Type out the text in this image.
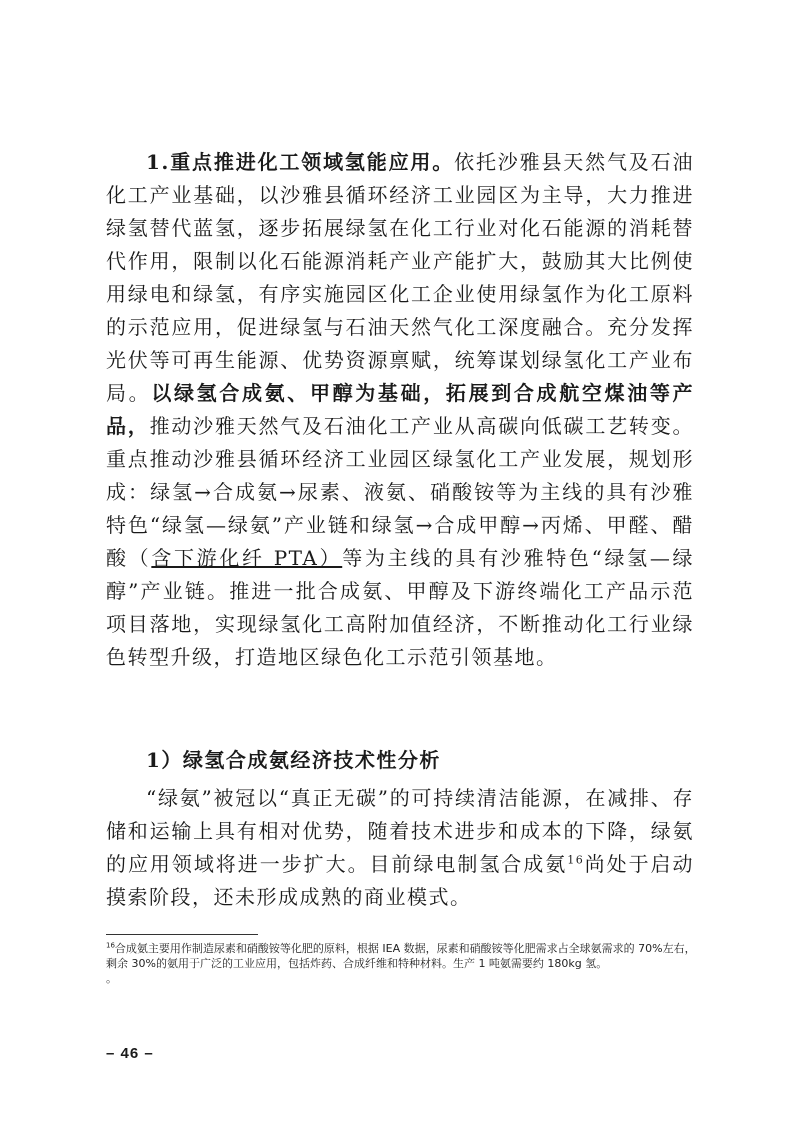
1.重点推进化工领域氢能应用。依托沙雅县天然气及石油化工产业基础，以沙雅县循环经济工业园区为主导，大力推进绿氢替代蓝氢，逐步拓展绿氢在化工行业对化石能源的消耗替代作用，限制以化石能源消耗产业产能扩大，鼓励其大比例使用绿电和绿氢，有序实施园区化工企业使用绿氢作为化工原料的示范应用，促进绿氢与石油天然气化工深度融合。充分发挥光伏等可再生能源、优势资源禀赋，统筹谋划绿氢化工产业布局。以绿氢合成氨、甲醇为基础，拓展到合成航空煤油等产品，推动沙雅天然气及石油化工产业从高碳向低碳工艺转变。重点推动沙雅县循环经济工业园区绿氢化工产业发展，规划形成：绿氢→合成氨→尿素、液氨、硝酸铵等为主线的具有沙雅特色“绿氢—绿氨”产业链和绿氢→合成甲醇→丙烯、甲醛、醋酸（含下游化纤 PTA）等为主线的具有沙雅特色“绿氢—绿醇”产业链。推进一批合成氨、甲醇及下游终端化工产品示范项目落地，实现绿氢化工高附加值经济，不断推动化工行业绿色转型升级，打造地区绿色化工示范引领基地。

1）绿氢合成氨经济技术性分析

“绿氨”被冠以“真正无碳”的可持续清洁能源，在减排、存储和运输上具有相对优势，随着技术进步和成本的下降，绿氨的应用领域将进一步扩大。目前绿电制氢合成氨$^{16}$尚处于启动摸索阶段，还未形成成熟的商业模式。

$^{16}$合成氨主要用作制造尿素和硝酸铵等化肥的原料，根据 IEA 数据，尿素和硝酸铵等化肥需求占全球氨需求的 70%左右，剩余 30%的氨用于广泛的工业应用，包括炸药、合成纤维和特种材料。生产 1 吨氨需要约 180kg 氢。
。

– 46 –
